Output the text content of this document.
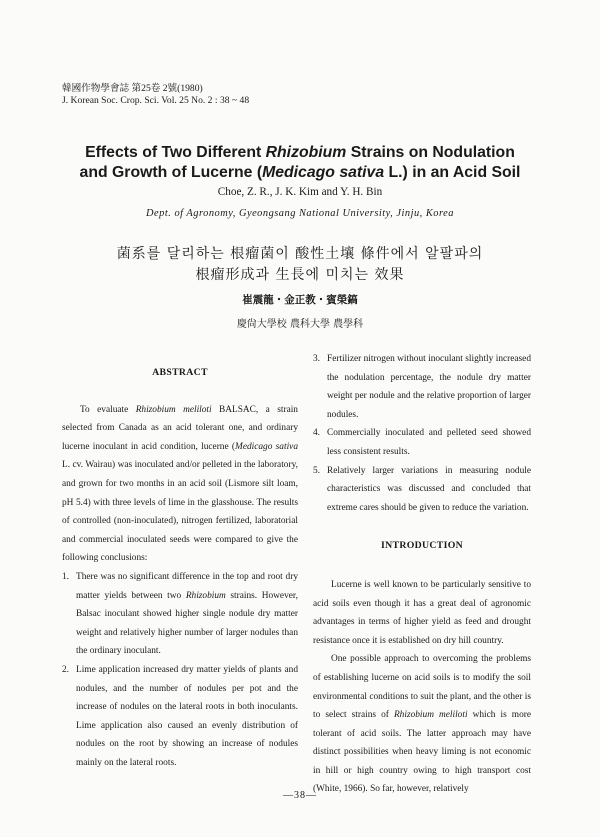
韓國作物學會誌 第25卷 2號(1980)
J. Korean Soc. Crop. Sci. Vol. 25 No. 2 : 38 ~ 48
Effects of Two Different Rhizobium Strains on Nodulation
and Growth of Lucerne (Medicago sativa L.) in an Acid Soil
Choe, Z. R., J. K. Kim and Y. H. Bin
Dept. of Agronomy, Gyeongsang National University, Jinju, Korea
菌系를 달리하는 根瘤菌이 酸性土壤 條件에서 알팔파의
根瘤形成과 生長에 미치는 效果
崔震龍・金正教・賓榮鎬
慶尙大學校 農科大學 農學科
ABSTRACT

To evaluate Rhizobium meliloti BALSAC, a strain selected from Canada as an acid tolerant one, and ordinary lucerne inoculant in acid condition, lucerne (Medicago sativa L. cv. Wairau) was inoculated and/or pelleted in the laboratory, and grown for two months in an acid soil (Lismore silt loam, pH 5.4) with three levels of lime in the glasshouse. The results of controlled (non-inoculated), nitrogen fertilized, laboratorial and commercial inoculated seeds were compared to give the following conclusions:

1. There was no significant difference in the top and root dry matter yields between two Rhizobium strains. However, Balsac inoculant showed higher single nodule dry matter weight and relatively higher number of larger nodules than the ordinary inoculant.
2. Lime application increased dry matter yields of plants and nodules, and the number of nodules per pot and the increase of nodules on the lateral roots in both inoculants. Lime application also caused an evenly distribution of nodules on the root by showing an increase of nodules mainly on the lateral roots.
3. Fertilizer nitrogen without inoculant slightly increased the nodulation percentage, the nodule dry matter weight per nodule and the relative proportion of larger nodules.
4. Commercially inoculated and pelleted seed showed less consistent results.
5. Relatively larger variations in measuring nodule characteristics was discussed and concluded that extreme cares should be given to reduce the variation.
INTRODUCTION

Lucerne is well known to be particularly sensitive to acid soils even though it has a great deal of agronomic advantages in terms of higher yield as feed and drought resistance once it is established on dry hill country.

One possible approach to overcoming the problems of establishing lucerne on acid soils is to modify the soil environmental conditions to suit the plant, and the other is to select strains of Rhizobium meliloti which is more tolerant of acid soils. The latter approach may have distinct possibilities when heavy liming is not economic in hill or high country owing to high transport cost (White, 1966). So far, however, relatively

—38—
